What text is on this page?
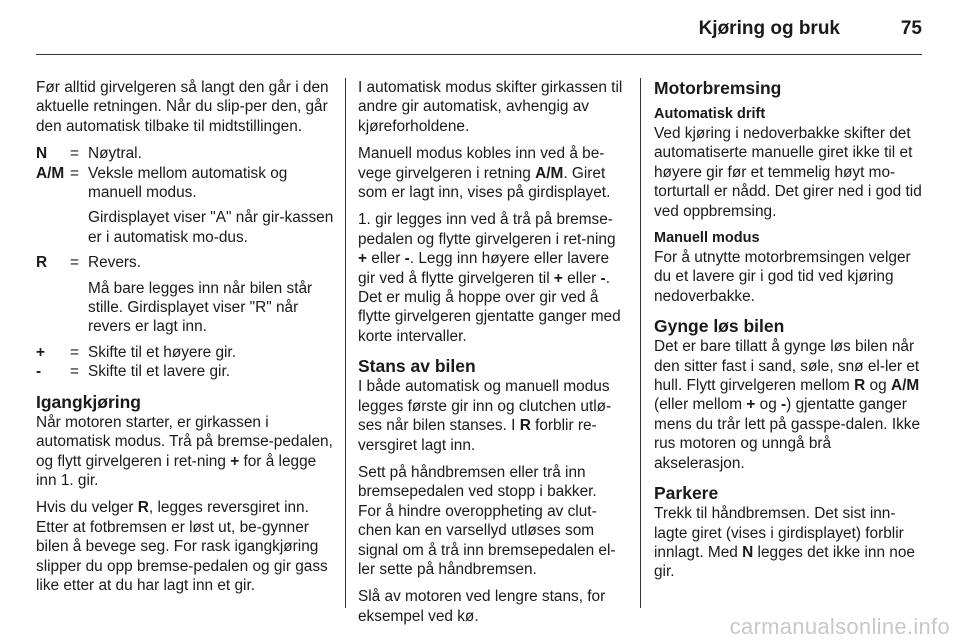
Kjøring og bruk	75

Før alltid girvelgeren så langt den går i den aktuelle retningen. Når du slip-per den, går den automatisk tilbake til midtstillingen.

N	= Nøytral.
A/M = Veksle mellom automatisk og manuell modus.
Girdisplayet viser "A" når gir-kassen er i automatisk mo-dus.
R	= Revers.
Må bare legges inn når bilen står stille. Girdisplayet viser "R" når revers er lagt inn.
+	= Skifte til et høyere gir.
-	= Skifte til et lavere gir.
Igangkjøring

Når motoren starter, er girkassen i automatisk modus. Trå på bremse-pedalen, og flytt girvelgeren i ret-ning + for å legge inn 1. gir.

Hvis du velger R, legges reversgiret inn. Etter at fotbremsen er løst ut, be-gynner bilen å bevege seg. For rask igangkjøring slipper du opp bremse-pedalen og gir gass like etter at du har lagt inn et gir.

I automatisk modus skifter girkassen til andre gir automatisk, avhengig av kjøreforholdene.

Manuell modus kobles inn ved å be-vege girvelgeren i retning A/M. Giret som er lagt inn, vises på girdisplayet.

1. gir legges inn ved å trå på bremse-pedalen og flytte girvelgeren i ret-ning + eller -. Legg inn høyere eller lavere gir ved å flytte girvelgeren til + eller -. Det er mulig å hoppe over gir ved å flytte girvelgeren gjentatte ganger med korte intervaller.

Stans av bilen

I både automatisk og manuell modus legges første gir inn og clutchen utlø-ses når bilen stanses. I R forblir re-versgiret lagt inn.

Sett på håndbremsen eller trå inn bremsepedalen ved stopp i bakker. For å hindre overoppheting av clut-chen kan en varsellyd utløses som signal om å trå inn bremsepedalen el-ler sette på håndbremsen.

Slå av motoren ved lengre stans, for eksempel ved kø.

Motorbremsing
Automatisk drift

Ved kjøring i nedoverbakke skifter det automatiserte manuelle giret ikke til et høyere gir før et temmelig høyt mo-torturtall er nådd. Det girer ned i god tid ved oppbremsing.

Manuell modus

For å utnytte motorbremsingen velger du et lavere gir i god tid ved kjøring nedoverbakke.

Gynge løs bilen

Det er bare tillatt å gynge løs bilen når den sitter fast i sand, søle, snø el-ler et hull. Flytt girvelgeren mellom R og A/M (eller mellom + og -) gjentatte ganger mens du trår lett på gasspe-dalen. Ikke rus motoren og unngå brå akselerasjon.

Parkere

Trekk til håndbremsen. Det sist inn-lagte giret (vises i girdisplayet) forblir innlagt. Med N legges det ikke inn noe gir.

carmanualsonline.info
